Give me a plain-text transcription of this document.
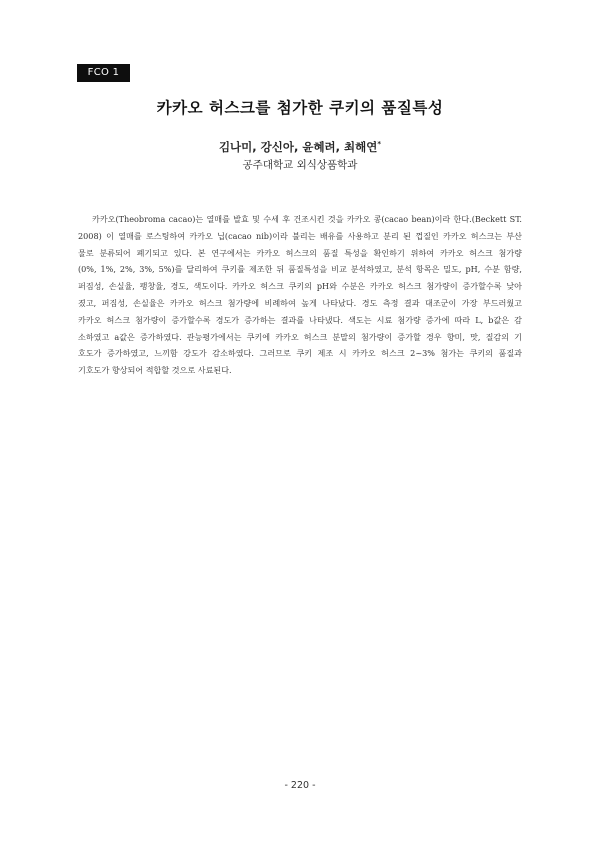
FCO 1
카카오 허스크를 첨가한 쿠키의 품질특성
김나미, 강신아, 윤혜려, 최해연*
공주대학교 외식상품학과
카카오(Theobroma cacao)는 열매를 발효 및 수세 후 건조시킨 것을 카카오 콩(cacao bean)이라 한다.(Beckett ST.
2008) 이 열매를 로스팅하여 카카오 닙(cacao nib)이라 불리는 배유를 사용하고 분리 된 껍질인 카카오 허스크는 부산
물로 분류되어 폐기되고 있다. 본 연구에서는 카카오 허스크의 품질 특성을 확인하기 위하여 카카오 허스크 첨가량
(0%, 1%, 2%, 3%, 5%)를 달리하여 쿠키를 제조한 뒤 품질특성을 비교 분석하였고, 분석 항목은 밀도, pH, 수분 함량,
퍼짐성, 손실율, 팽창율, 경도, 색도이다. 카카오 허스크 쿠키의 pH와 수분은 카카오 허스크 첨가량이 증가할수록 낮아
졌고, 퍼짐성, 손실율은 카카오 허스크 첨가량에 비례하여 높게 나타났다. 경도 측정 결과 대조군이 가장 부드러웠고
카카오 허스크 첨가량이 증가할수록 경도가 증가하는 결과를 나타냈다. 색도는 시료 첨가량 증가에 따라 L, b값은 감
소하였고 a값은 증가하였다. 관능평가에서는 쿠키에 카카오 허스크 분말의 첨가량이 증가할 경우 향미, 맛, 질감의 기
호도가 증가하였고, 느끼함 강도가 감소하였다. 그러므로 쿠키 제조 시 카카오 허스크 2~3% 첨가는 쿠키의 품질과
기호도가 향상되어 적합할 것으로 사료된다.
- 220 -
